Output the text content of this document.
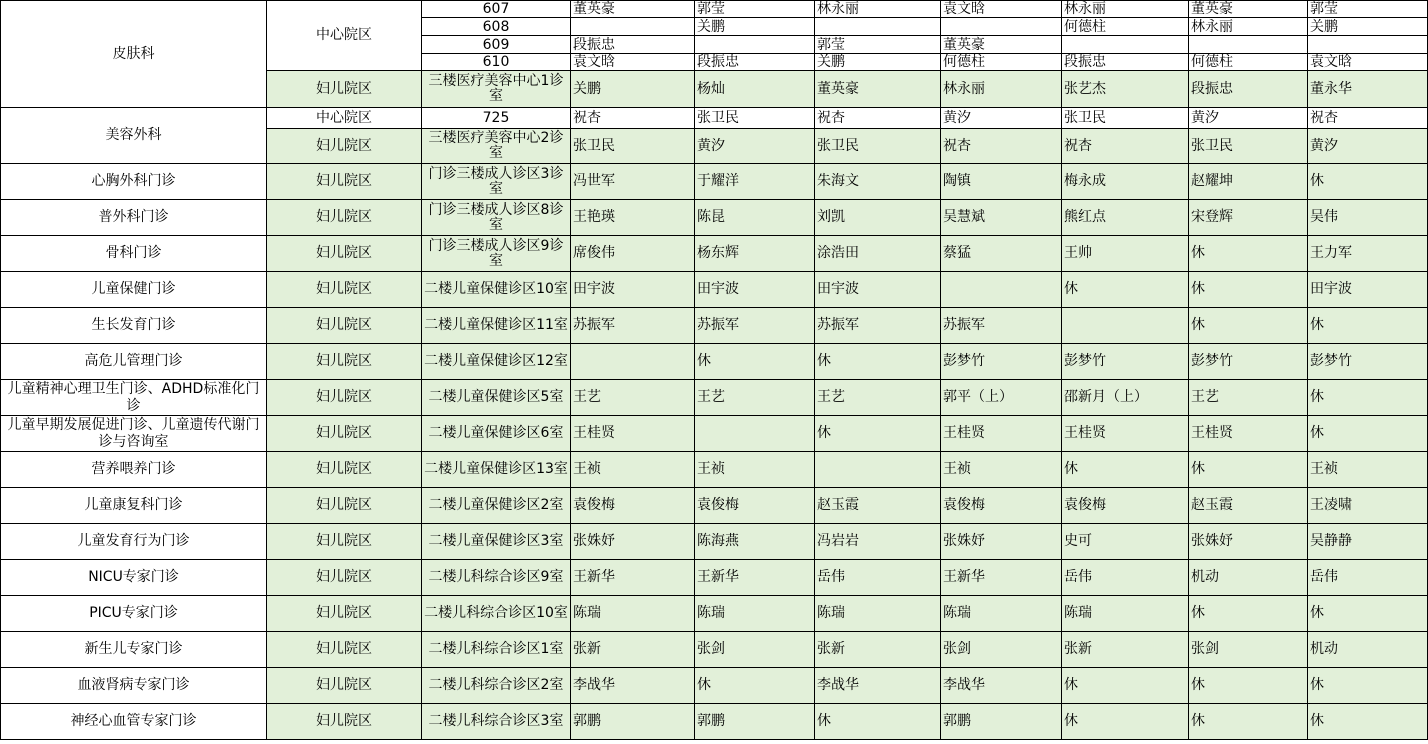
皮肤科	中心院区	607	董英豪	郭莹	林永丽	袁文晗	林永丽	董英豪	郭莹
		608		关鹏			何德柱	林永丽	关鹏
		609	段振忠		郭莹	董英豪			
		610	袁文晗	段振忠	关鹏	何德柱	段振忠	何德柱	袁文晗
	妇儿院区	三楼医疗美容中心1诊室	关鹏	杨灿	董英豪	林永丽	张艺杰	段振忠	董永华
美容外科	中心院区	725	祝杏	张卫民	祝杏	黄汐	张卫民	黄汐	祝杏
	妇儿院区	三楼医疗美容中心2诊室	张卫民	黄汐	张卫民	祝杏	祝杏	张卫民	黄汐
心胸外科门诊	妇儿院区	门诊三楼成人诊区3诊室	冯世军	于耀洋	朱海文	陶镇	梅永成	赵耀坤	休
普外科门诊	妇儿院区	门诊三楼成人诊区8诊室	王艳瑛	陈昆	刘凯	吴慧斌	熊红点	宋登辉	吴伟
骨科门诊	妇儿院区	门诊三楼成人诊区9诊室	席俊伟	杨东辉	涂浩田	蔡猛	王帅	休	王力军
儿童保健门诊	妇儿院区	二楼儿童保健诊区10室	田宇波	田宇波	田宇波		休	休	田宇波
生长发育门诊	妇儿院区	二楼儿童保健诊区11室	苏振军	苏振军	苏振军	苏振军		休	休
高危儿管理门诊	妇儿院区	二楼儿童保健诊区12室		休	休	彭梦竹	彭梦竹	彭梦竹	彭梦竹
儿童精神心理卫生门诊、ADHD标准化门诊	妇儿院区	二楼儿童保健诊区5室	王艺	王艺	王艺	郭平（上）	邵新月（上）	王艺	休
儿童早期发展促进门诊、儿童遗传代谢门诊与咨询室	妇儿院区	二楼儿童保健诊区6室	王桂贤		休	王桂贤	王桂贤	王桂贤	休
营养喂养门诊	妇儿院区	二楼儿童保健诊区13室	王祯	王祯		王祯	休	休	王祯
儿童康复科门诊	妇儿院区	二楼儿童保健诊区2室	袁俊梅	袁俊梅	赵玉霞	袁俊梅	袁俊梅	赵玉霞	王凌啸
儿童发育行为门诊	妇儿院区	二楼儿童保健诊区3室	张姝妤	陈海燕	冯岩岩	张姝妤	史可	张姝妤	吴静静
NICU专家门诊	妇儿院区	二楼儿科综合诊区9室	王新华	王新华	岳伟	王新华	岳伟	机动	岳伟
PICU专家门诊	妇儿院区	二楼儿科综合诊区10室	陈瑞	陈瑞	陈瑞	陈瑞	陈瑞	休	休
新生儿专家门诊	妇儿院区	二楼儿科综合诊区1室	张新	张剑	张新	张剑	张新	张剑	机动
血液肾病专家门诊	妇儿院区	二楼儿科综合诊区2室	李战华	休	李战华	李战华	休	休	休
神经心血管专家门诊	妇儿院区	二楼儿科综合诊区3室	郭鹏	郭鹏	休	郭鹏	休	休	休
